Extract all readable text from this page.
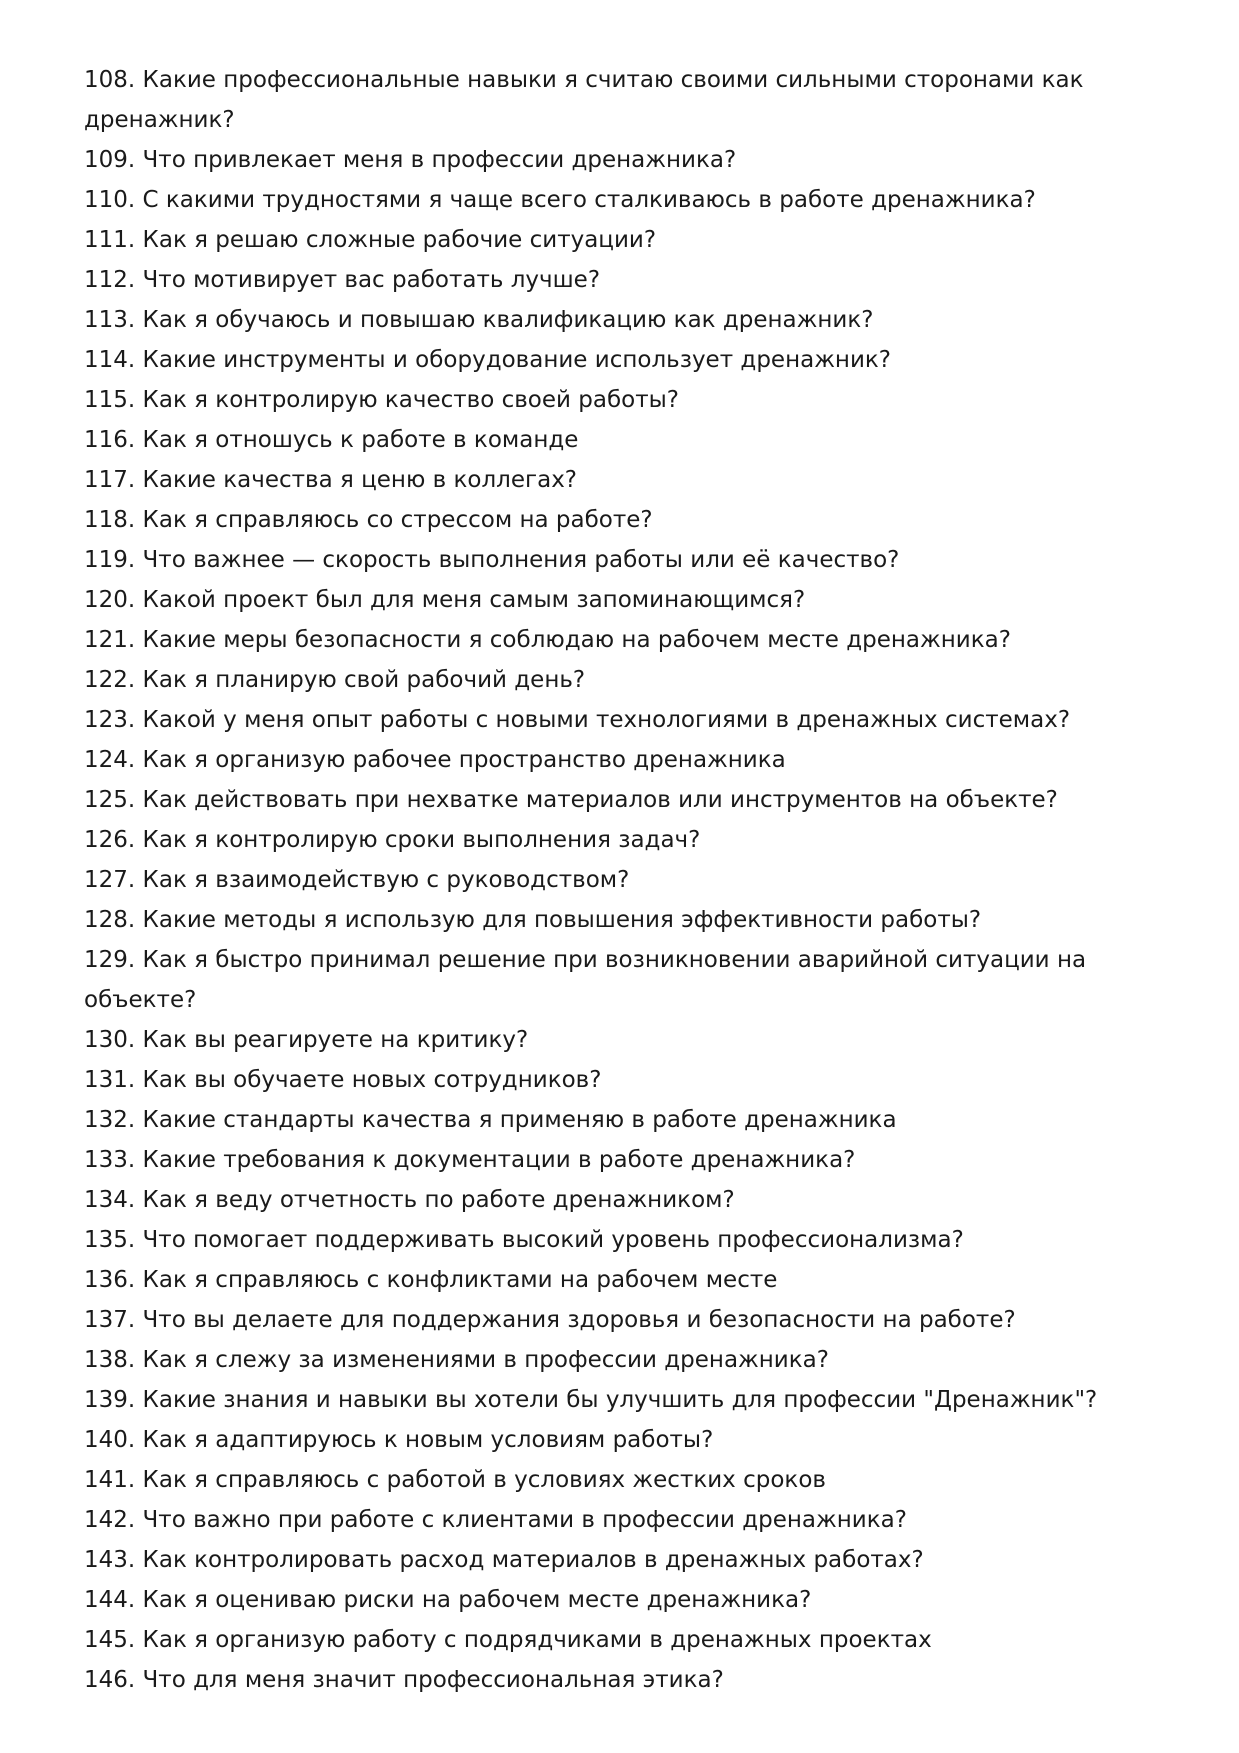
108. Какие профессиональные навыки я считаю своими сильными сторонами как дренажник?
109. Что привлекает меня в профессии дренажника?
110. С какими трудностями я чаще всего сталкиваюсь в работе дренажника?
111. Как я решаю сложные рабочие ситуации?
112. Что мотивирует вас работать лучше?
113. Как я обучаюсь и повышаю квалификацию как дренажник?
114. Какие инструменты и оборудование использует дренажник?
115. Как я контролирую качество своей работы?
116. Как я отношусь к работе в команде
117. Какие качества я ценю в коллегах?
118. Как я справляюсь со стрессом на работе?
119. Что важнее — скорость выполнения работы или её качество?
120. Какой проект был для меня самым запоминающимся?
121. Какие меры безопасности я соблюдаю на рабочем месте дренажника?
122. Как я планирую свой рабочий день?
123. Какой у меня опыт работы с новыми технологиями в дренажных системах?
124. Как я организую рабочее пространство дренажника
125. Как действовать при нехватке материалов или инструментов на объекте?
126. Как я контролирую сроки выполнения задач?
127. Как я взаимодействую с руководством?
128. Какие методы я использую для повышения эффективности работы?
129. Как я быстро принимал решение при возникновении аварийной ситуации на объекте?
130. Как вы реагируете на критику?
131. Как вы обучаете новых сотрудников?
132. Какие стандарты качества я применяю в работе дренажника
133. Какие требования к документации в работе дренажника?
134. Как я веду отчетность по работе дренажником?
135. Что помогает поддерживать высокий уровень профессионализма?
136. Как я справляюсь с конфликтами на рабочем месте
137. Что вы делаете для поддержания здоровья и безопасности на работе?
138. Как я слежу за изменениями в профессии дренажника?
139. Какие знания и навыки вы хотели бы улучшить для профессии "Дренажник"?
140. Как я адаптируюсь к новым условиям работы?
141. Как я справляюсь с работой в условиях жестких сроков
142. Что важно при работе с клиентами в профессии дренажника?
143. Как контролировать расход материалов в дренажных работах?
144. Как я оцениваю риски на рабочем месте дренажника?
145. Как я организую работу с подрядчиками в дренажных проектах
146. Что для меня значит профессиональная этика?
